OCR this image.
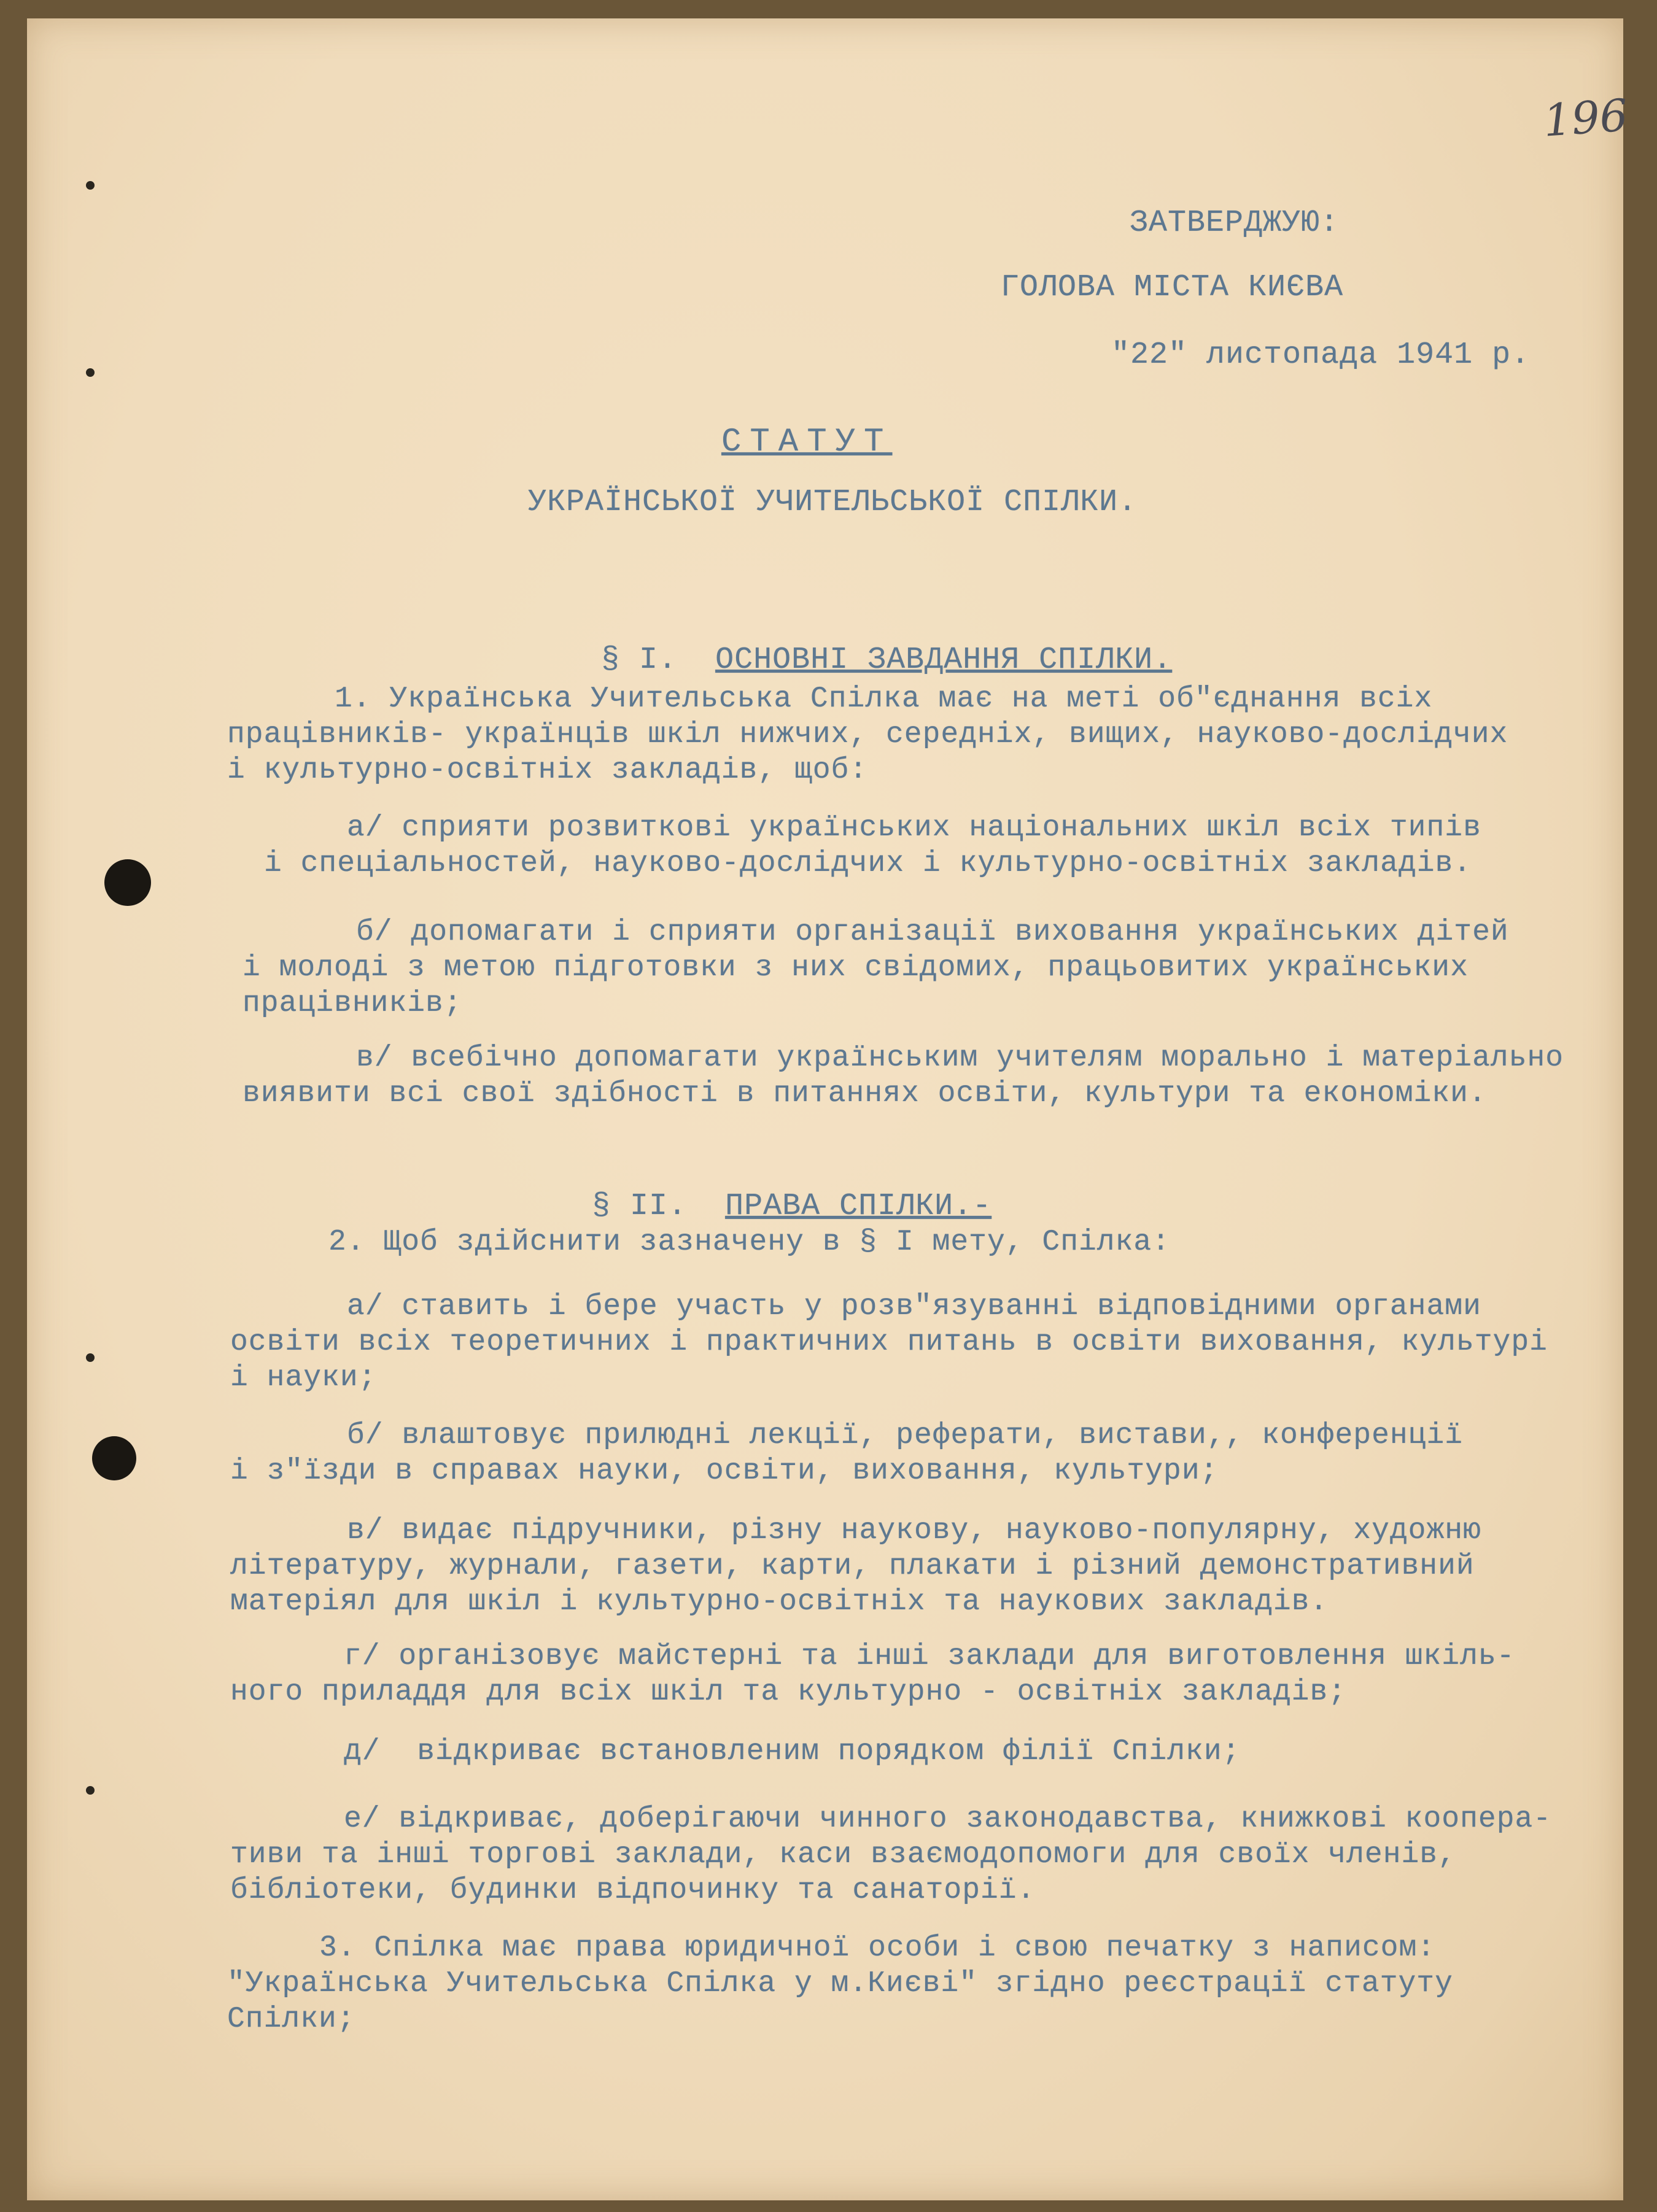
196
ЗАТВЕРДЖУЮ:
ГОЛОВА МІСТА КИЄВА
"22" листопада 1941 р.
СТАТУТ
УКРАЇНСЬКОЇ УЧИТЕЛЬСЬКОЇ СПІЛКИ.

§ I. ОСНОВНІ ЗАВДАННЯ СПІЛКИ.

1. Українська Учительська Спілка має на меті об"єднання всіх
працівників- українців шкіл нижчих, середніх, вищих, науково-дослідчих
і культурно-освітніх закладів, щоб:
а/ сприяти розвиткові українських національних шкіл всіх типів
і спеціальностей, науково-дослідчих і культурно-освітніх закладів.
б/ допомагати і сприяти організації виховання українських дітей
і молоді з метою підготовки з них свідомих, працьовитих українських
працівників;
в/ всебічно допомагати українським учителям морально і матеріально
виявити всі свої здібності в питаннях освіти, культури та економіки.

§ II. ПРАВА СПІЛКИ.-

2. Щоб здійснити зазначену в § I мету, Спілка:
а/ ставить і бере участь у розв"язуванні відповідними органами
освіти всіх теоретичних і практичних питань в освіти виховання, культурі
і науки;
б/ влаштовує прилюдні лекції, реферати, вистави,, конференції
і з"їзди в справах науки, освіти, виховання, культури;
в/ видає підручники, різну наукову, науково-популярну, художню
літературу, журнали, газети, карти, плакати і різний демонстративний
матеріял для шкіл і культурно-освітніх та наукових закладів.
г/ організовує майстерні та інші заклади для виготовлення шкіль-
ного приладдя для всіх шкіл та культурно - освітніх закладів;
д/  відкриває встановленим порядком філії Спілки;
е/ відкриває, доберігаючи чинного законодавства, книжкові коопера-
тиви та інші торгові заклади, каси взаємодопомоги для своїх членів,
бібліотеки, будинки відпочинку та санаторії.
3. Спілка має права юридичної особи і свою печатку з написом:
"Українська Учительська Спілка у м.Києві" згідно реєстрації статуту
Спілки;
